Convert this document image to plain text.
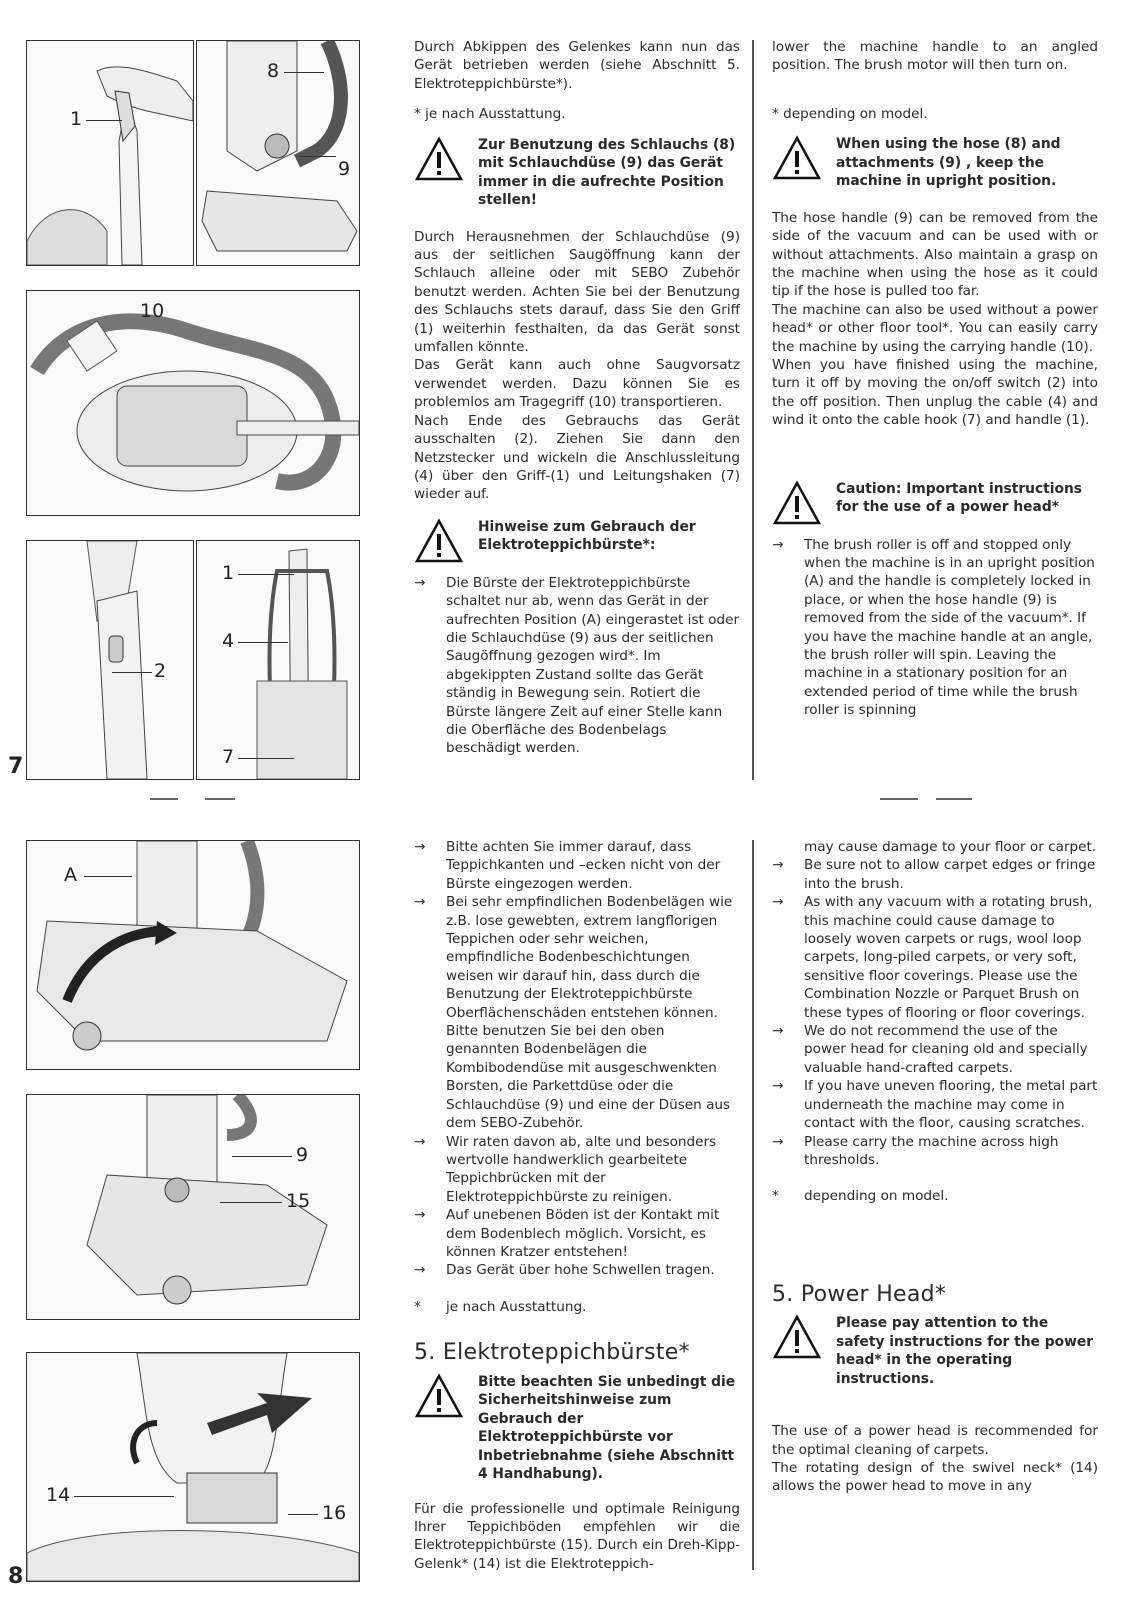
1
8
9
10
2
1
4
7
A
9
15
14
16
7
8

Durch Abkippen des Gelenkes kann nun das Gerät betrieben werden (siehe Abschnitt 5. Elektroteppichbürste*).

* je nach Ausstattung.

Zur Benutzung des Schlauchs (8) mit Schlauchdüse (9) das Gerät immer in die aufrechte Position stellen!

Durch Herausnehmen der Schlauchdüse (9) aus der seitlichen Saugöffnung kann der Schlauch alleine oder mit SEBO Zubehör benutzt werden. Achten Sie bei der Benutzung des Schlauchs stets darauf, dass Sie den Griff (1) weiterhin festhalten, da das Gerät sonst umfallen könnte.

Das Gerät kann auch ohne Saugvorsatz verwendet werden. Dazu können Sie es problemlos am Tragegriff (10) transportieren.

Nach Ende des Gebrauchs das Gerät ausschalten (2). Ziehen Sie dann den Netzstecker und wickeln die Anschlussleitung (4) über den Griff-(1) und Leitungshaken (7) wieder auf.

Hinweise zum Gebrauch der Elektroteppichbürste*:
→ Die Bürste der Elektroteppichbürste schaltet nur ab, wenn das Gerät in der aufrechten Position (A) eingerastet ist oder die Schlauchdüse (9) aus der seitlichen Saugöffnung gezogen wird*. Im abgekippten Zustand sollte das Gerät ständig in Bewegung sein. Rotiert die Bürste längere Zeit auf einer Stelle kann die Oberfläche des Bodenbelags beschädigt werden.

lower the machine handle to an angled position. The brush motor will then turn on.

* depending on model.

When using the hose (8) and attachments (9) , keep the machine in upright position.

The hose handle (9) can be removed from the side of the vacuum and can be used with or without attachments. Also maintain a grasp on the machine when using the hose as it could tip if the hose is pulled too far.

The machine can also be used without a power head* or other floor tool*. You can easily carry the machine by using the carrying handle (10).

When you have finished using the machine, turn it off by moving the on/off switch (2) into the off position. Then unplug the cable (4) and wind it onto the cable hook (7) and handle (1).

Caution: Important instructions for the use of a power head*
→ The brush roller is off and stopped only when the machine is in an upright position (A) and the handle is completely locked in place, or when the hose handle (9) is removed from the side of the vacuum*. If you have the machine handle at an angle, the brush roller will spin. Leaving the machine in a stationary position for an extended period of time while the brush roller is spinning
→ Bitte achten Sie immer darauf, dass Teppichkanten und –ecken nicht von der Bürste eingezogen werden.
→ Bei sehr empfindlichen Bodenbelägen wie z.B. lose gewebten, extrem langflorigen Teppichen oder sehr weichen, empfindliche Bodenbeschichtungen weisen wir darauf hin, dass durch die Benutzung der Elektroteppichbürste Oberflächenschäden entstehen können. Bitte benutzen Sie bei den oben genannten Bodenbelägen die Kombibodendüse mit ausgeschwenkten Borsten, die Parkettdüse oder die Schlauchdüse (9) und eine der Düsen aus dem SEBO-Zubehör.
→ Wir raten davon ab, alte und besonders wertvolle handwerklich gearbeitete Teppichbrücken mit der Elektroteppichbürste zu reinigen.
→ Auf unebenen Böden ist der Kontakt mit dem Bodenblech möglich. Vorsicht, es können Kratzer entstehen!
→ Das Gerät über hohe Schwellen tragen.
* je nach Ausstattung.
5. Elektroteppichbürste*
Bitte beachten Sie unbedingt die Sicherheitshinweise zum Gebrauch der Elektroteppichbürste vor Inbetriebnahme (siehe Abschnitt 4 Handhabung).

Für die professionelle und optimale Reinigung Ihrer Teppichböden empfehlen wir die Elektroteppichbürste (15). Durch ein Dreh-Kipp-Gelenk* (14) ist die Elektroteppich-

may cause damage to your floor or carpet.

→ Be sure not to allow carpet edges or fringe into the brush.
→ As with any vacuum with a rotating brush, this machine could cause damage to loosely woven carpets or rugs, wool loop carpets, long-piled carpets, or very soft, sensitive floor coverings. Please use the Combination Nozzle or Parquet Brush on these types of flooring or floor coverings.
→ We do not recommend the use of the power head for cleaning old and specially valuable hand-crafted carpets.
→ If you have uneven flooring, the metal part underneath the machine may come in contact with the floor, causing scratches.
→ Please carry the machine across high thresholds.
* depending on model.
5. Power Head*
Please pay attention to the safety instructions for the power head* in the operating instructions.

The use of a power head is recommended for the optimal cleaning of carpets.

The rotating design of the swivel neck* (14) allows the power head to move in any
